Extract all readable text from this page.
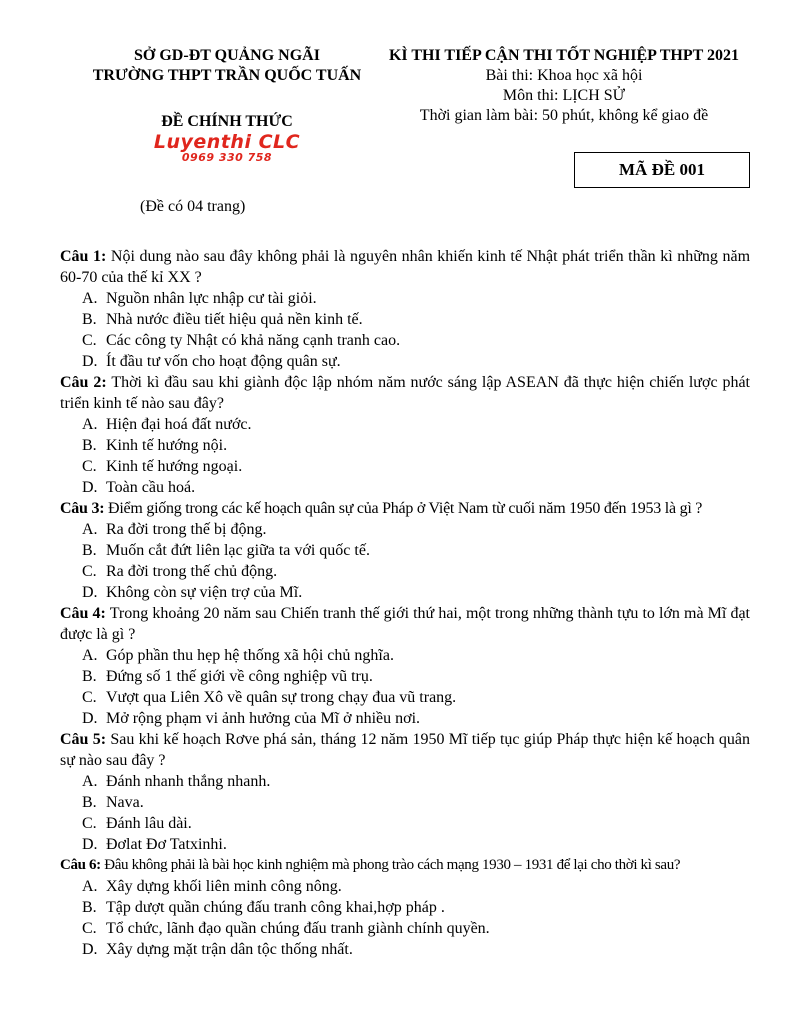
SỞ GD-ĐT QUẢNG NGÃI
TRƯỜNG THPT TRẦN QUỐC TUẤN
ĐỀ CHÍNH THỨC
Luyenthi CLC
0969 330 758
(Đề có 04 trang)
KÌ THI TIẾP CẬN THI TỐT NGHIỆP THPT 2021
Bài thi: Khoa học xã hội
Môn thi: LỊCH SỬ
Thời gian làm bài: 50 phút, không kể giao đề
MÃ ĐỀ 001
Câu 1: Nội dung nào sau đây không phải là nguyên nhân khiến kinh tế Nhật phát triển thần kì những năm 60-70 của thế kỉ XX ?
A. Nguồn nhân lực nhập cư tài giỏi.
B. Nhà nước điều tiết hiệu quả nền kinh tế.
C. Các công ty Nhật có khả năng cạnh tranh cao.
D. Ít đầu tư vốn cho hoạt động quân sự.
Câu 2: Thời kì đầu sau khi giành độc lập nhóm năm nước sáng lập ASEAN đã thực hiện chiến lược phát triển kinh tế nào sau đây?
A. Hiện đại hoá đất nước.
B. Kinh tế hướng nội.
C. Kinh tế hướng ngoại.
D. Toàn cầu hoá.
Câu 3: Điểm giống trong các kế hoạch quân sự của Pháp ở Việt Nam từ cuối năm 1950 đến 1953 là gì ?
A. Ra đời trong thế bị động.
B. Muốn cắt đứt liên lạc giữa ta với quốc tế.
C. Ra đời trong thế chủ động.
D. Không còn sự viện trợ của Mĩ.
Câu 4: Trong khoảng 20 năm sau Chiến tranh thế giới thứ hai, một trong những thành tựu to lớn mà Mĩ đạt được là gì ?
A. Góp phần thu hẹp hệ thống xã hội chủ nghĩa.
B. Đứng số 1 thế giới về công nghiệp vũ trụ.
C. Vượt qua Liên Xô về quân sự trong chạy đua vũ trang.
D. Mở rộng phạm vi ảnh hưởng của Mĩ ở nhiều nơi.
Câu 5: Sau khi kế hoạch Rơve phá sản, tháng 12 năm 1950 Mĩ tiếp tục giúp Pháp thực hiện kế hoạch quân sự nào sau đây ?
A. Đánh nhanh thắng nhanh.
B. Nava.
C. Đánh lâu dài.
D. Đơlat Đơ Tatxinhi.
Câu 6: Đâu không phải là bài học kinh nghiệm mà phong trào cách mạng 1930 – 1931 để lại cho thời kì sau?
A. Xây dựng khối liên minh công nông.
B. Tập dượt quần chúng đấu tranh công khai,hợp pháp .
C. Tổ chức, lãnh đạo quần chúng đấu tranh giành chính quyền.
D. Xây dựng mặt trận dân tộc thống nhất.
